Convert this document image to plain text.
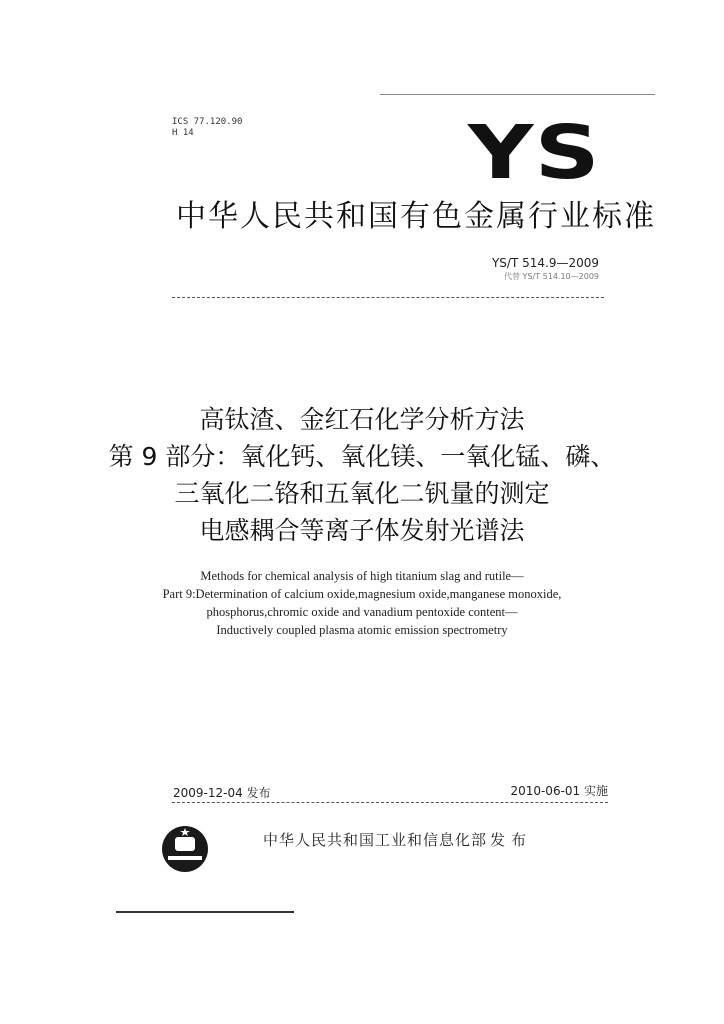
ICS 77.120.90
H 14	YS
中华人民共和国有色金属行业标准
YS/T 514.9—2009
代替 YS/T 514.10—2009
高钛渣、金红石化学分析方法
第 9 部分：氧化钙、氧化镁、一氧化锰、磷、
三氧化二铬和五氧化二钒量的测定
电感耦合等离子体发射光谱法
Methods for chemical analysis of high titanium slag and rutile—
Part 9:Determination of calcium oxide,magnesium oxide,manganese monoxide,
phosphorus,chromic oxide and vanadium pentoxide content—
Inductively coupled plasma atomic emission spectrometry
2009-12-04 发布	2010-06-01 实施
中华人民共和国工业和信息化部 发布
